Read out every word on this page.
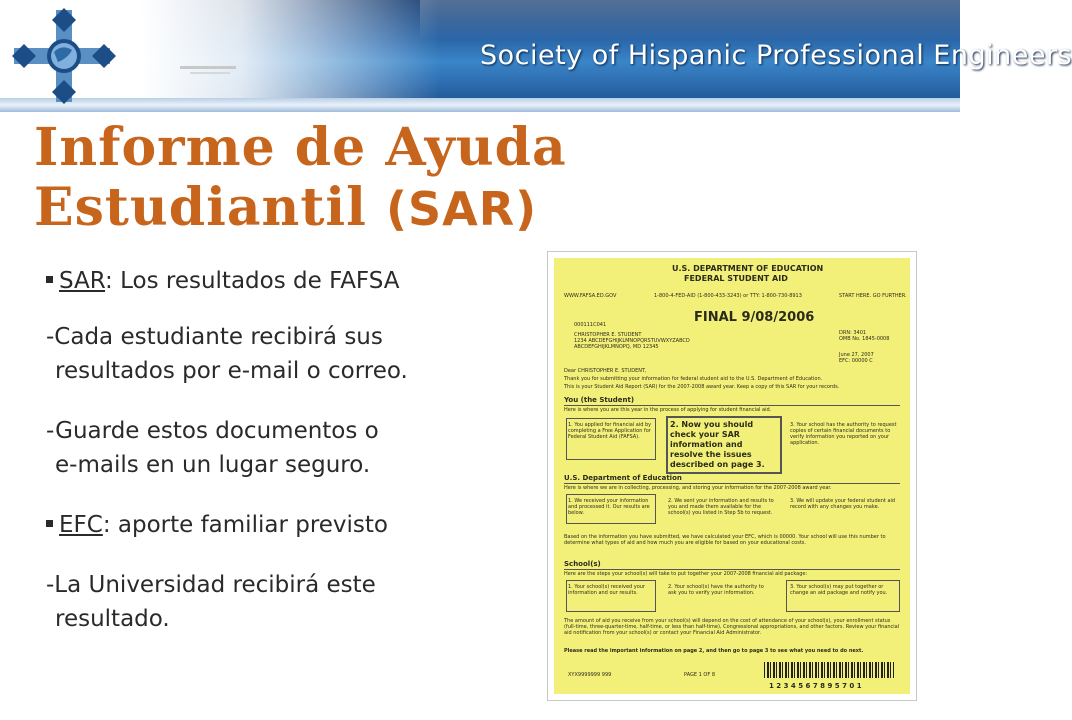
Society of Hispanic Professional Engineers
Informe de Ayuda
Estudiantil (SAR)
SAR: Los resultados de FAFSA
-Cada estudiante recibirá sus
resultados por e-mail o correo.
-Guarde estos documentos o
e-mails en un lugar seguro.
EFC: aporte familiar previsto
-La Universidad recibirá este
resultado.
U.S. DEPARTMENT OF EDUCATION
FEDERAL STUDENT AID
WWW.FAFSA.ED.GOV	1-800-4-FED-AID (1-800-433-3243) or TTY: 1-800-730-8913	START HERE. GO FURTHER.
FINAL 9/08/2006
000111C041
CHRISTOPHER E. STUDENT
1234 ABCDEFGHIJKLMNOPQRSTUVWXYZABCD
ABCDEFGHIJKLMNOPQ, MD 12345
DRN: 3401
OMB No. 1845-0008
June 27, 2007
EFC: 00000 C
Dear CHRISTOPHER E. STUDENT,
Thank you for submitting your information for federal student aid to the U.S. Department of Education.
This is your Student Aid Report (SAR) for the 2007-2008 award year. Keep a copy of this SAR for your records.
You (the Student)
Here is where you are this year in the process of applying for student financial aid.
1. You applied for financial aid by completing a Free Application for Federal Student Aid (FAFSA).
2. Now you should check your SAR information and resolve the issues described on page 3.
3. Your school has the authority to request copies of certain financial documents to verify information you reported on your application.
U.S. Department of Education
Here is where we are in collecting, processing, and storing your information for the 2007-2008 award year.
1. We received your information and processed it. Our results are below.
2. We sent your information and results to you and made them available for the school(s) you listed in Step 5b to request.
3. We will update your federal student aid record with any changes you make.
Based on the information you have submitted, we have calculated your EFC, which is 00000. Your school will use this number to determine what types of aid and how much you are eligible for based on your educational costs.
School(s)
Here are the steps your school(s) will take to put together your 2007-2008 financial aid package:
1. Your school(s) received your information and our results.
2. Your school(s) have the authority to ask you to verify your information.
3. Your school(s) may put together or change an aid package and notify you.
The amount of aid you receive from your school(s) will depend on the cost of attendance of your school(s), your enrollment status (full-time, three-quarter-time, half-time, or less than half-time), Congressional appropriations, and other factors. Review your financial aid notification from your school(s) or contact your Financial Aid Administrator.
Please read the important information on page 2, and then go to page 3 to see what you need to do next.
XYX9999999 999	PAGE 1 OF 8
1 2 3 4 5 6 7 8 9 5 7 0 1
